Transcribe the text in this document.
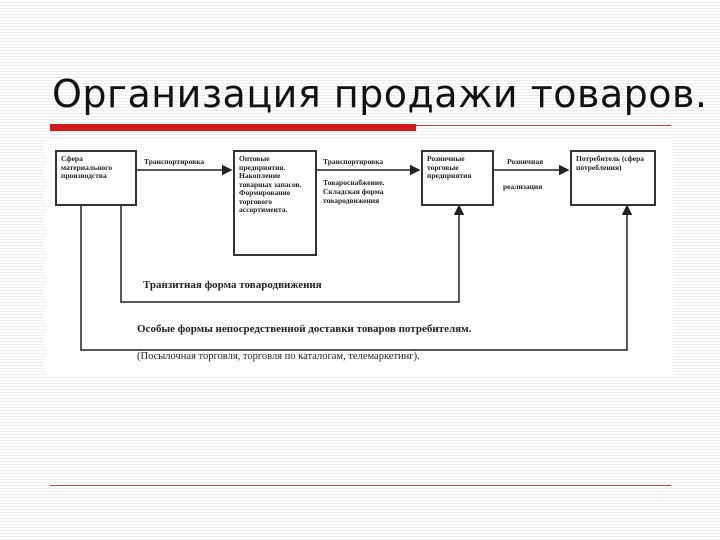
Организация продажи товаров.
Сфера материального производства
Оптовые предприятия. Накопление товарных запасов. Формирование торгового ассортимента.
Розничные торговые предприятия
Потребитель (сфера потребления)
Транспортировка	Транспортировка
Товароснабжение. Складская форма товародвижения
Розничная
реализация
Транзитная форма товародвижения
Особые формы непосредственной доставки товаров потребителям.
(Посылочная торговля, торговля по каталогам, телемаркетинг).
